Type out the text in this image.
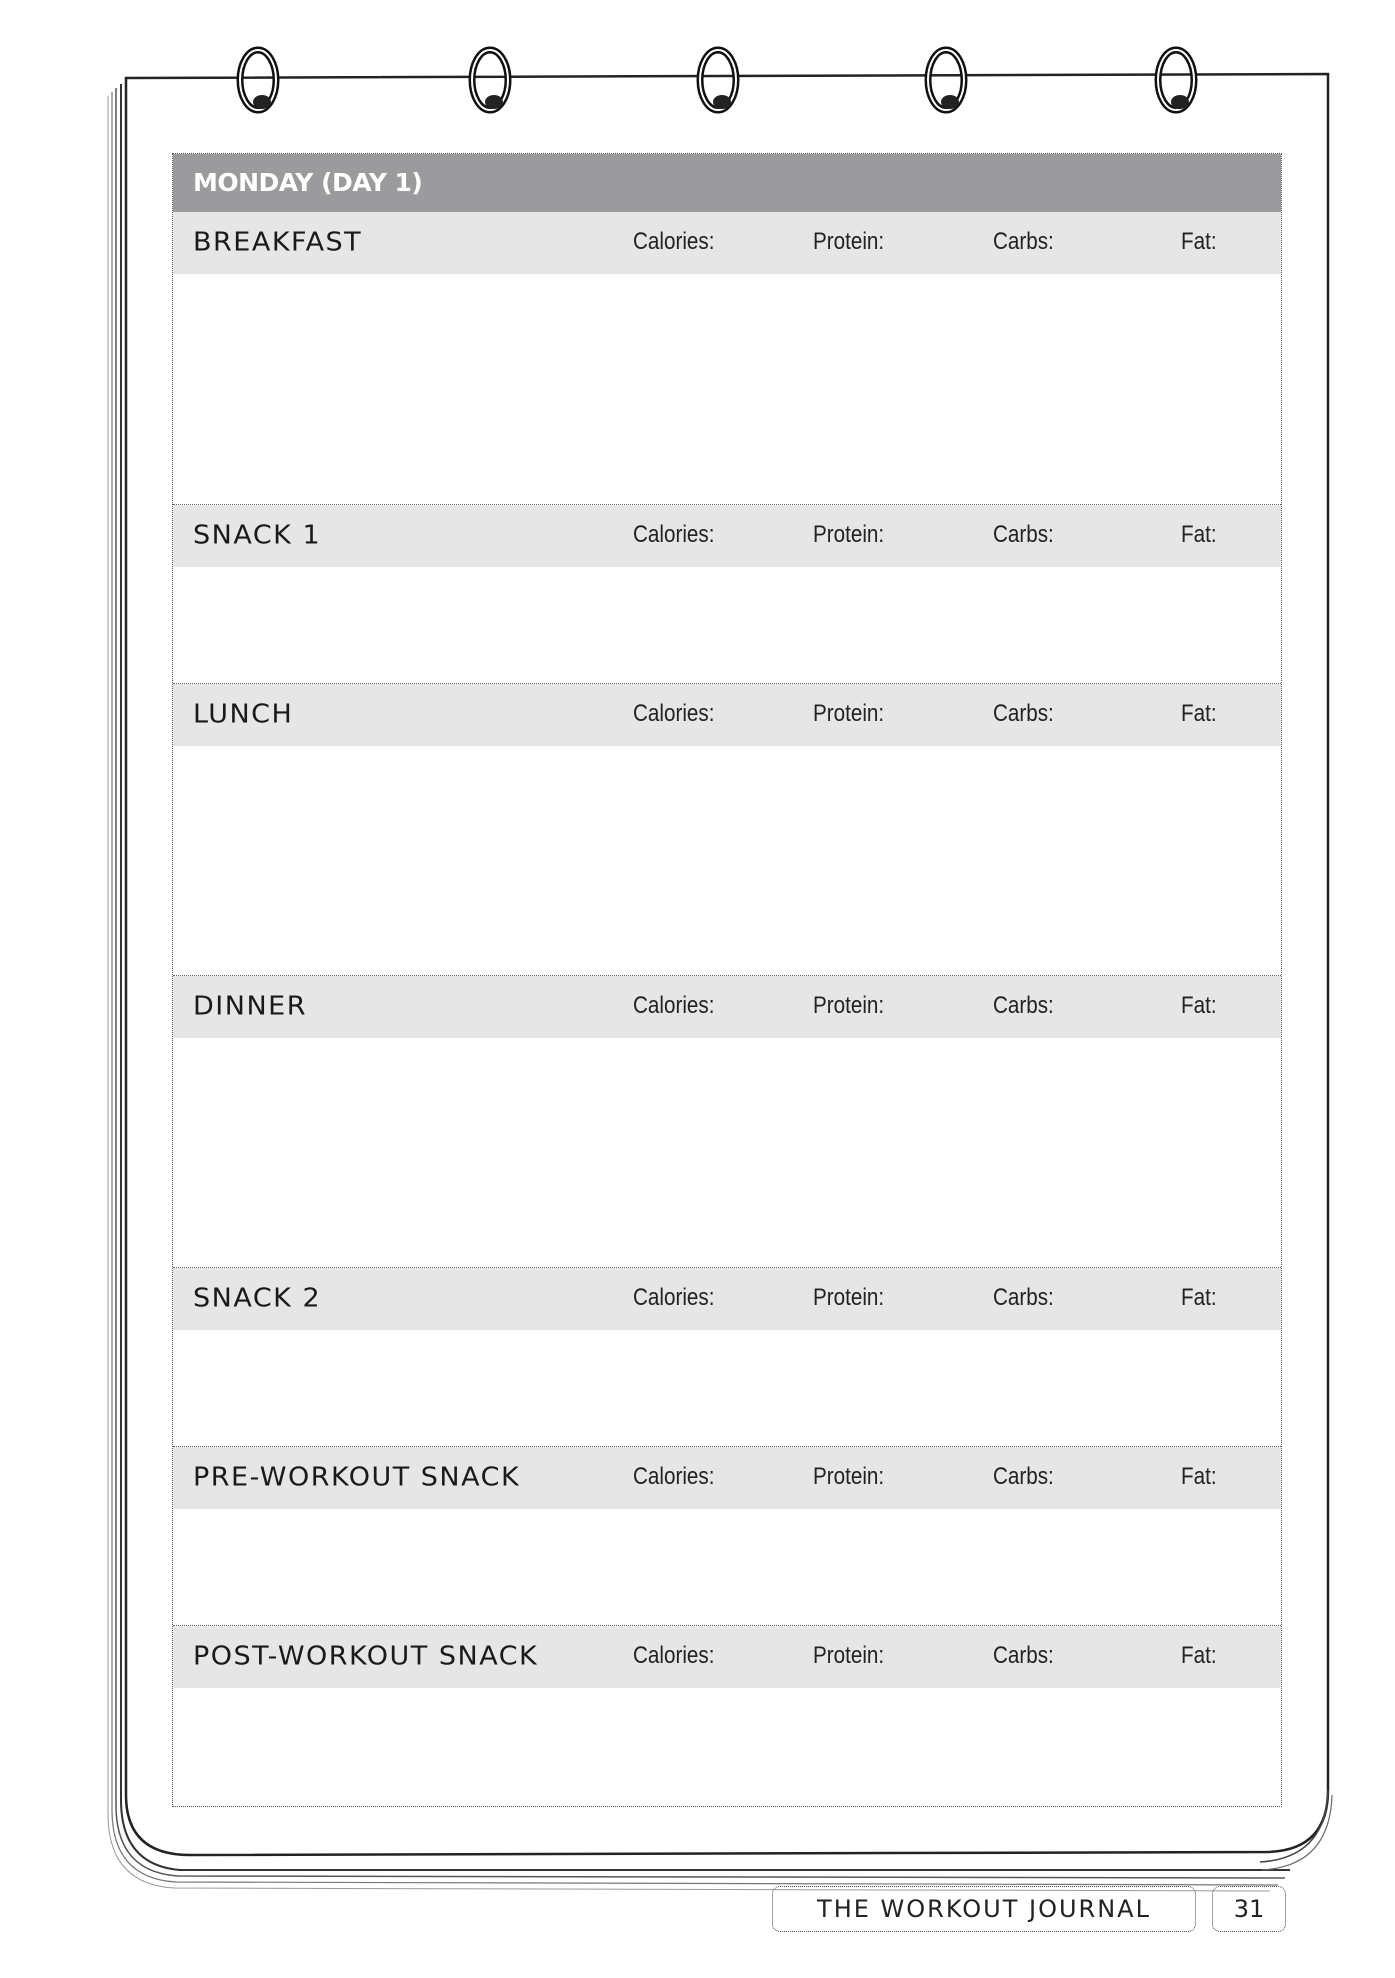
MONDAY (DAY 1)
BREAKFAST	Calories:	Protein:	Carbs:	Fat:
SNACK 1	Calories:	Protein:	Carbs:	Fat:
LUNCH	Calories:	Protein:	Carbs:	Fat:
DINNER	Calories:	Protein:	Carbs:	Fat:
SNACK 2	Calories:	Protein:	Carbs:	Fat:
PRE-WORKOUT SNACK	Calories:	Protein:	Carbs:	Fat:
POST-WORKOUT SNACK	Calories:	Protein:	Carbs:	Fat:
THE WORKOUT JOURNAL	31
